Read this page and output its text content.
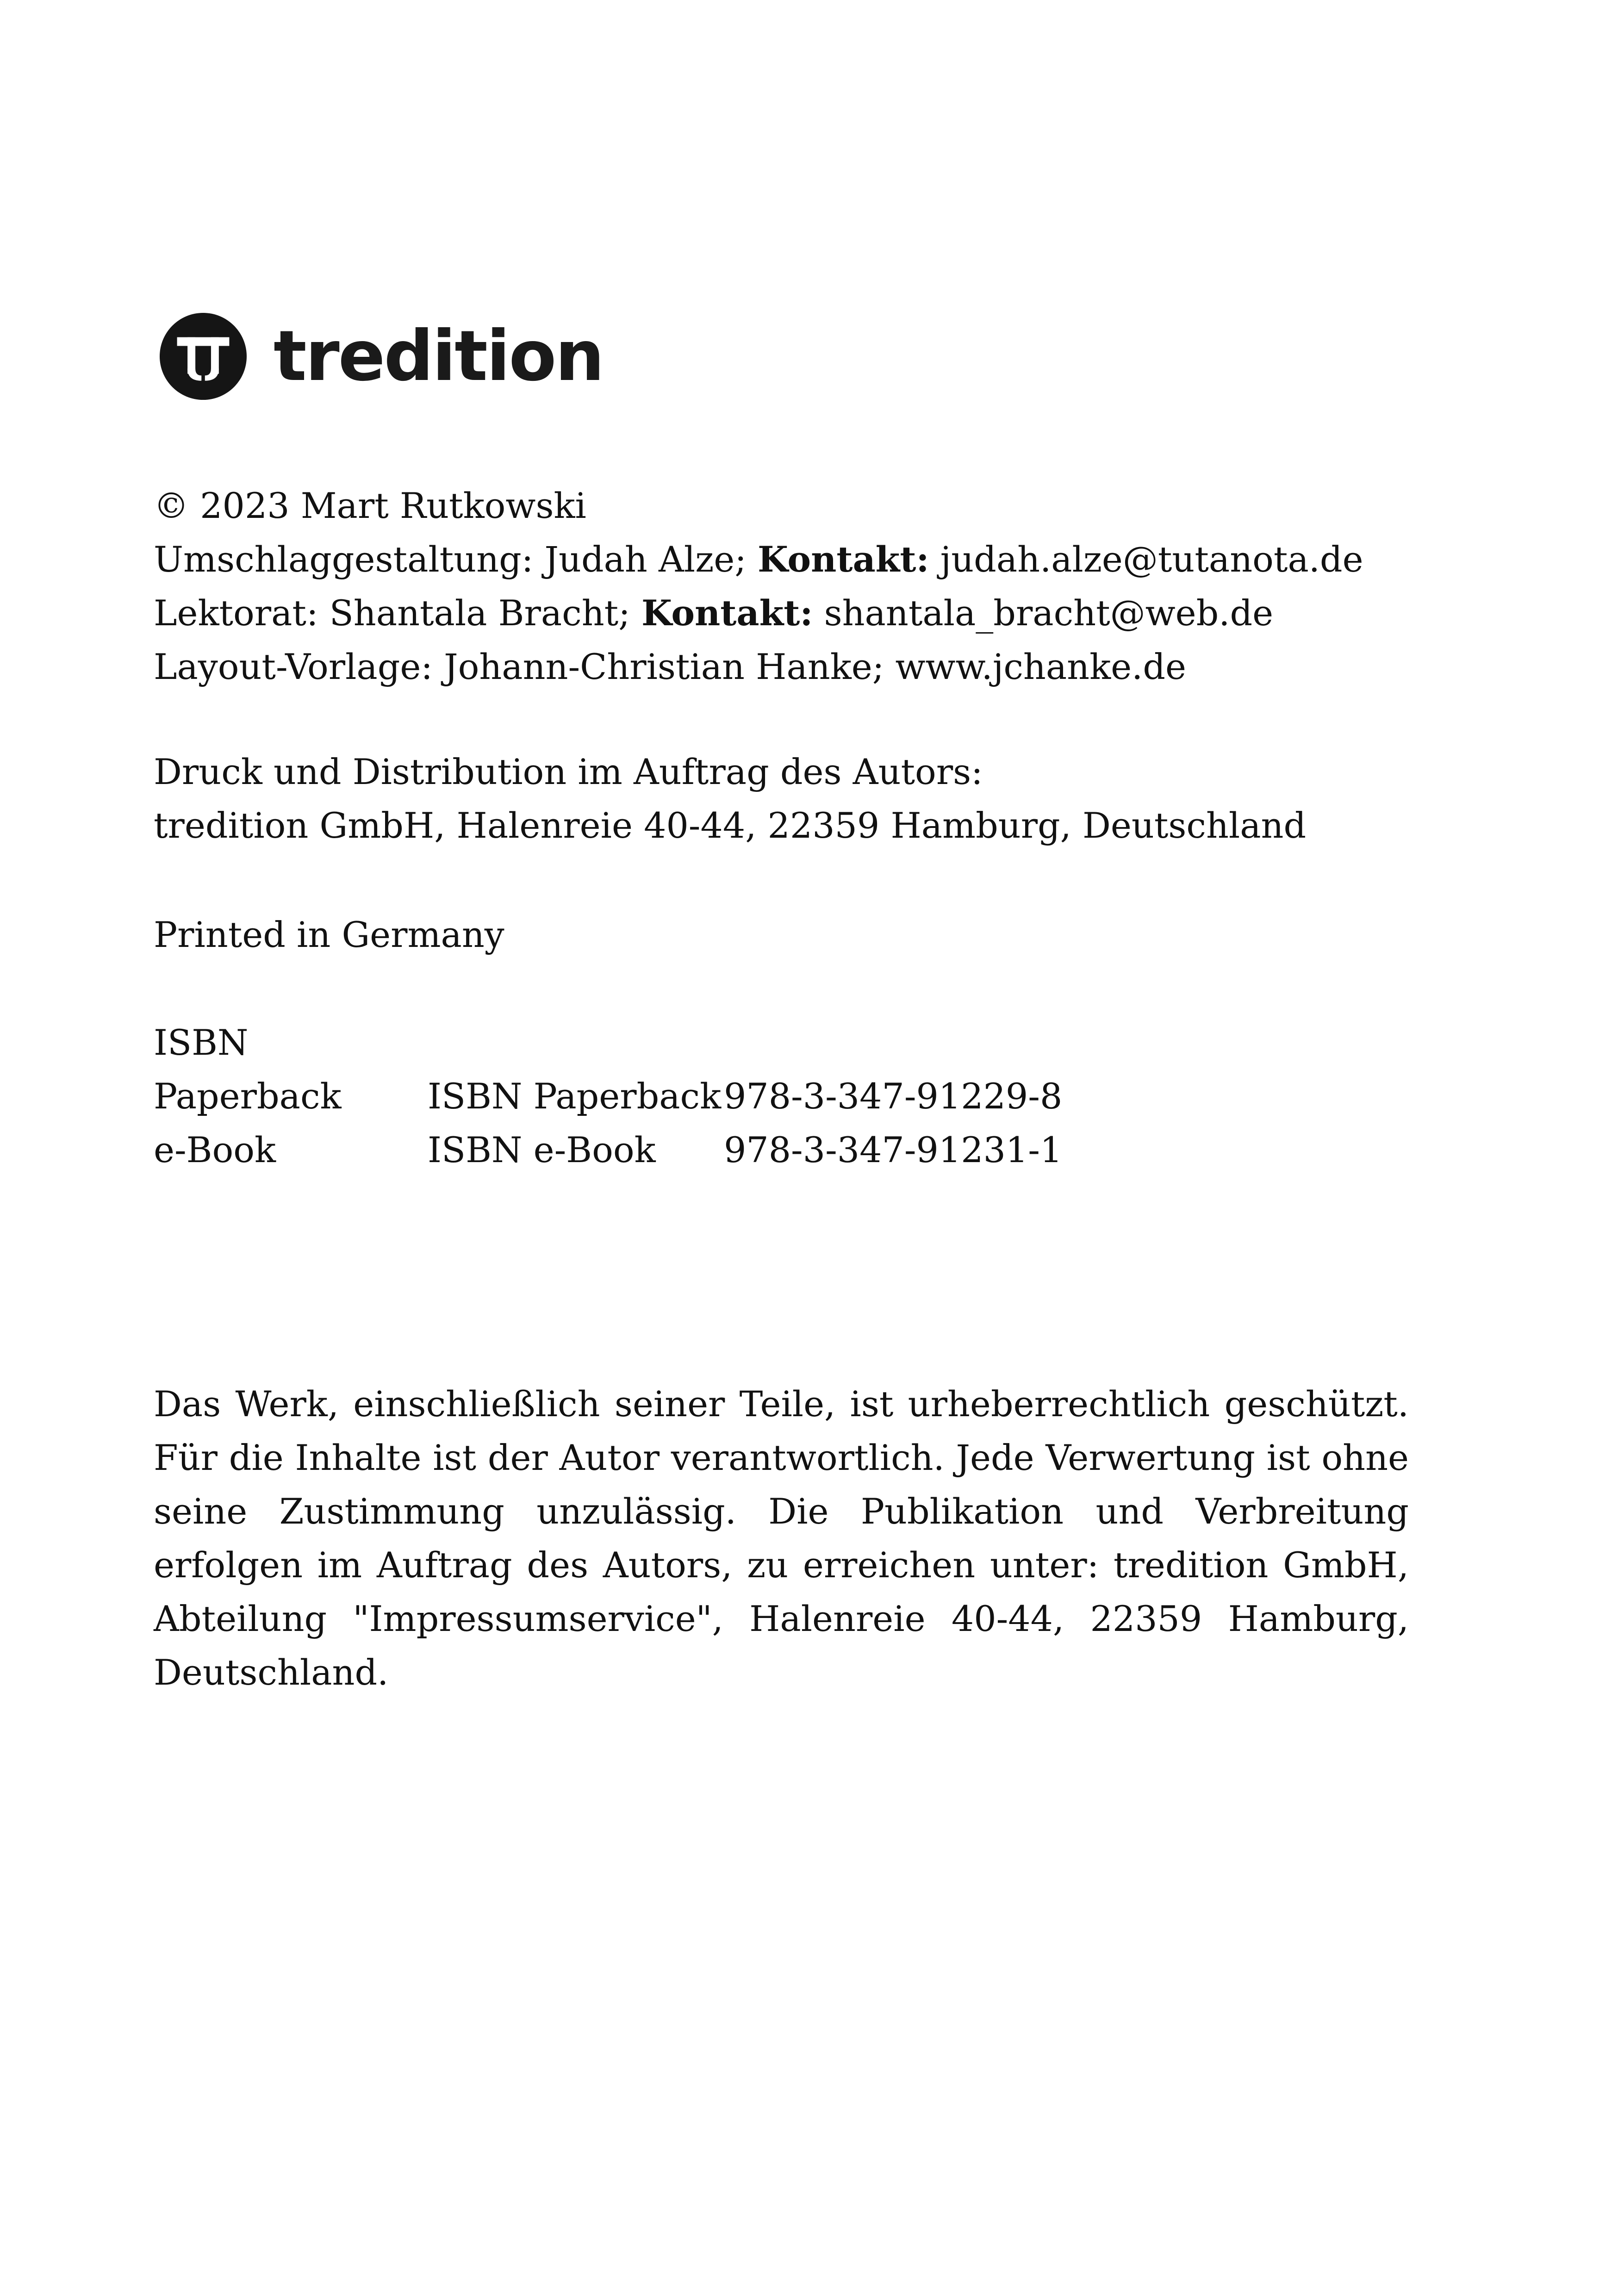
tredition
© 2023 Mart Rutkowski
Umschlaggestaltung: Judah Alze; Kontakt: judah.alze@tutanota.de
Lektorat: Shantala Bracht; Kontakt: shantala_bracht@web.de
Layout-Vorlage: Johann-Christian Hanke; www.jchanke.de
Druck und Distribution im Auftrag des Autors:
tredition GmbH, Halenreie 40-44, 22359 Hamburg, Deutschland
Printed in Germany
ISBN
Paperback	ISBN Paperback 978-3-347-91229-8
e-Book	ISBN e-Book	978-3-347-91231-1

Das Werk, einschließlich seiner Teile, ist urheberrechtlich geschützt. Für die Inhalte ist der Autor verantwortlich. Jede Verwertung ist ohne seine Zustimmung unzulässig. Die Publikation und Verbreitung erfolgen im Auftrag des Autors, zu erreichen unter: tredition GmbH, Abteilung "Impressumservice", Halenreie 40-44, 22359 Hamburg, Deutschland.
